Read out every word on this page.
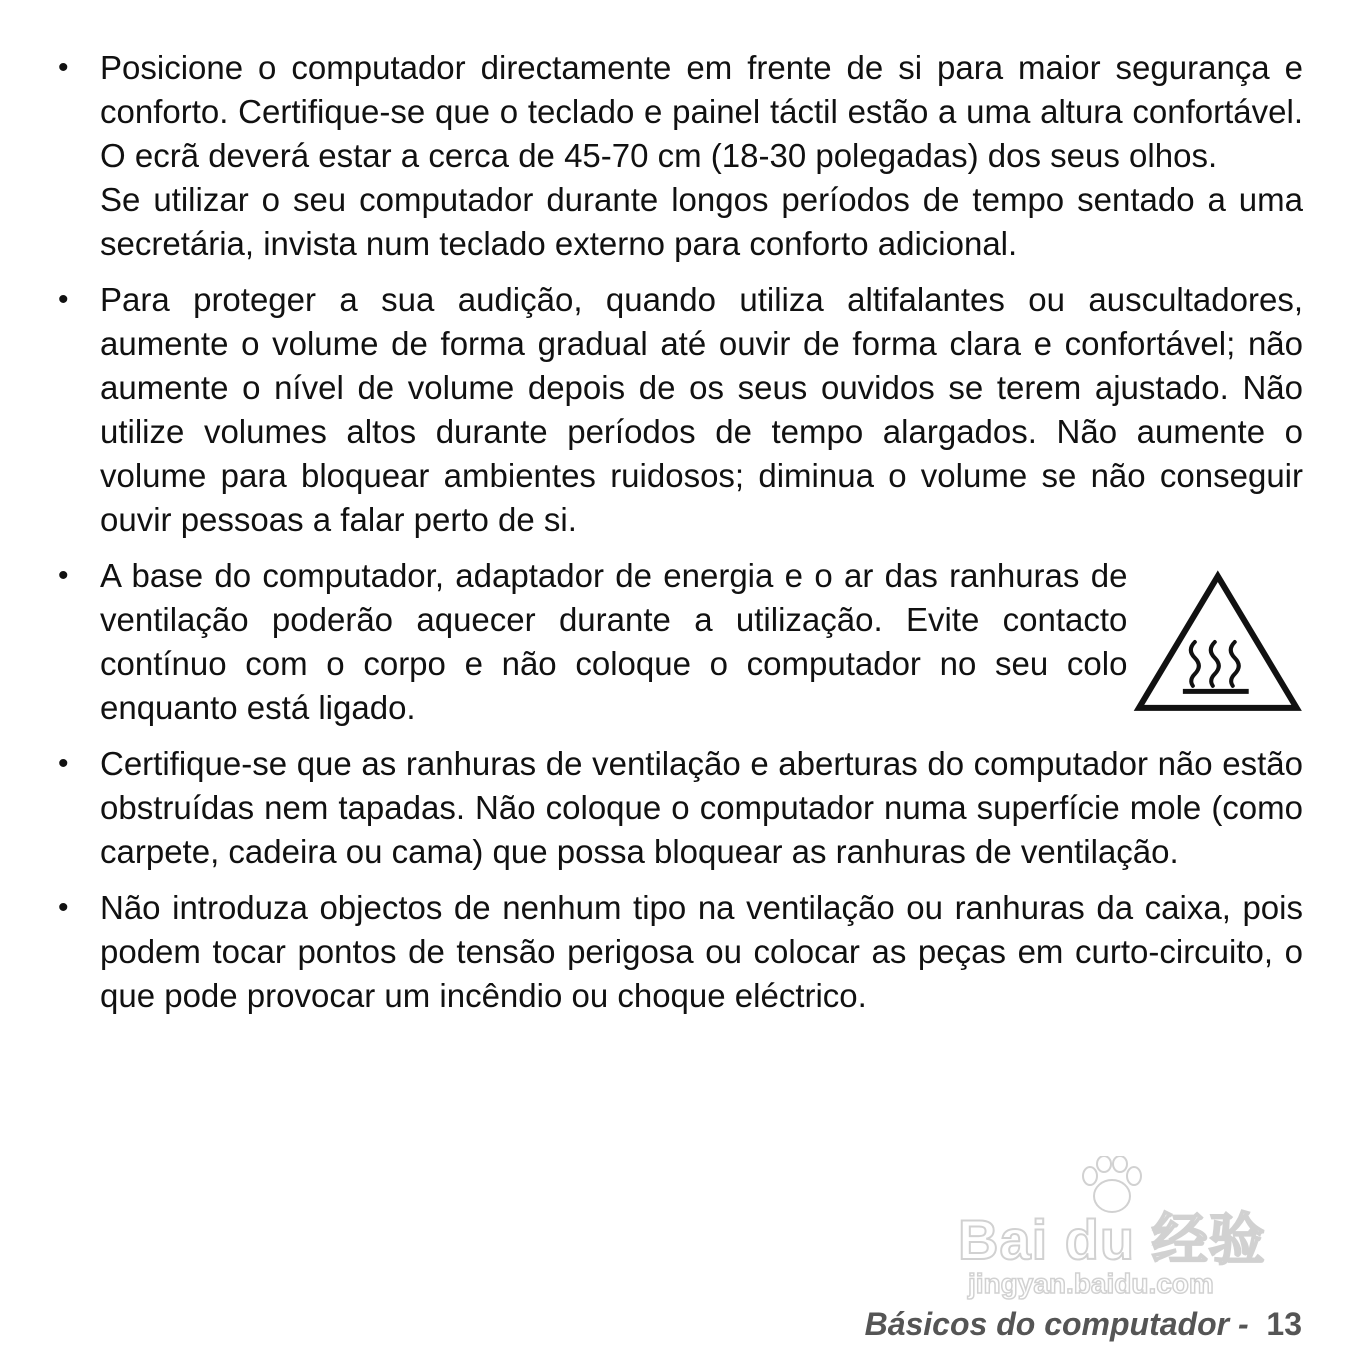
• Posicione o computador directamente em frente de si para maior segurança e conforto. Certifique-se que o teclado e painel táctil estão a uma altura confortável. O ecrã deverá estar a cerca de 45-70 cm (18-30 polegadas) dos seus olhos.

Se utilizar o seu computador durante longos períodos de tempo sentado a uma secretária, invista num teclado externo para conforto adicional.

• Para proteger a sua audição, quando utiliza altifalantes ou auscultadores, aumente o volume de forma gradual até ouvir de forma clara e confortável; não aumente o nível de volume depois de os seus ouvidos se terem ajustado. Não utilize volumes altos durante períodos de tempo alargados. Não aumente o volume para bloquear ambientes ruidosos; diminua o volume se não conseguir ouvir pessoas a falar perto de si.

• A base do computador, adaptador de energia e o ar das ranhuras de ventilação poderão aquecer durante a utilização. Evite contacto contínuo com o corpo e não coloque o computador no seu colo enquanto está ligado.

• Certifique-se que as ranhuras de ventilação e aberturas do computador não estão obstruídas nem tapadas. Não coloque o computador numa superfície mole (como carpete, cadeira ou cama) que possa bloquear as ranhuras de ventilação.

• Não introduza objectos de nenhum tipo na ventilação ou ranhuras da caixa, pois podem tocar pontos de tensão perigosa ou colocar as peças em curto-circuito, o que pode provocar um incêndio ou choque eléctrico.

Bai du 经验
jingyan.baidu.com
Básicos do computador - 13
